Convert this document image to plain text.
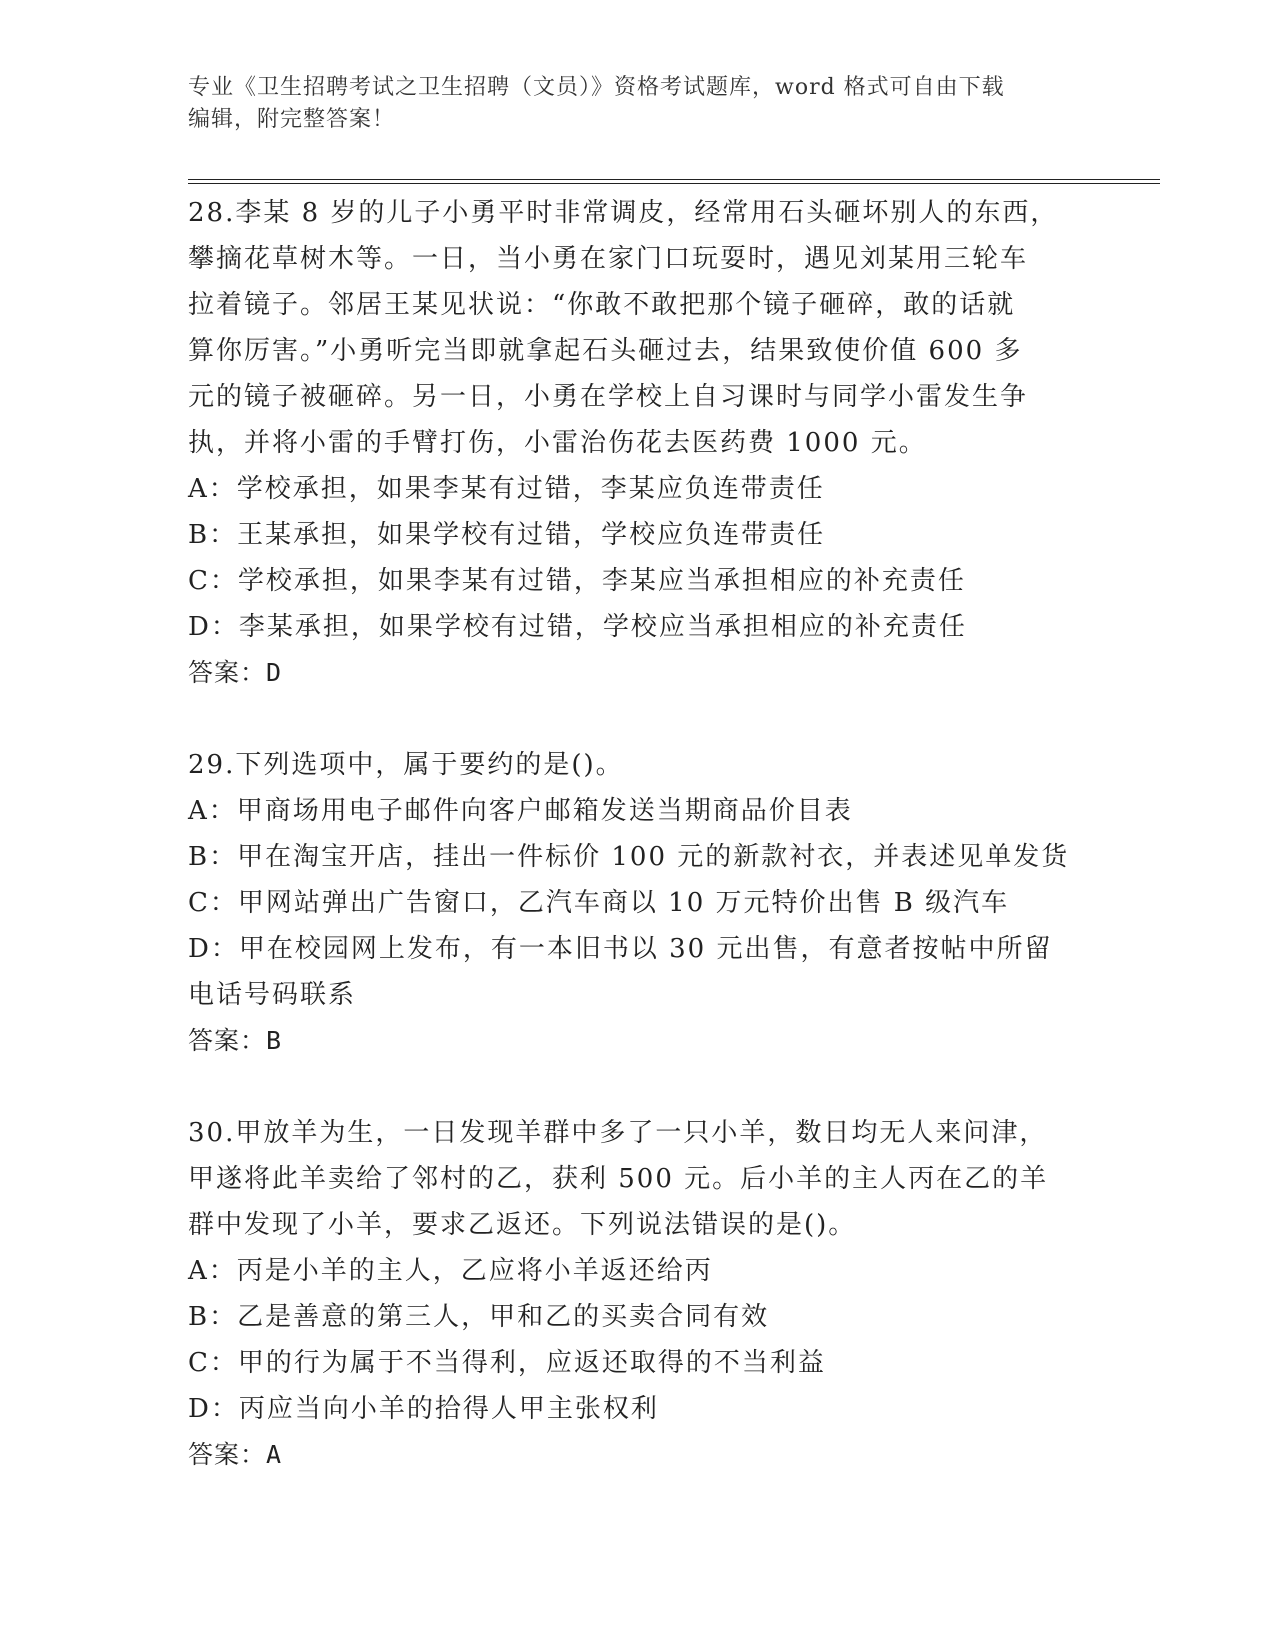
专业《卫生招聘考试之卫生招聘（文员）》资格考试题库，word 格式可自由下载
编辑，附完整答案！

28.李某 8 岁的儿子小勇平时非常调皮，经常用石头砸坏别人的东西，

攀摘花草树木等。一日，当小勇在家门口玩耍时，遇见刘某用三轮车

拉着镜子。邻居王某见状说：“你敢不敢把那个镜子砸碎，敢的话就

算你厉害。”小勇听完当即就拿起石头砸过去，结果致使价值 600 多

元的镜子被砸碎。另一日，小勇在学校上自习课时与同学小雷发生争

执，并将小雷的手臂打伤，小雷治伤花去医药费 1000 元。

A：学校承担，如果李某有过错，李某应负连带责任

B：王某承担，如果学校有过错，学校应负连带责任

C：学校承担，如果李某有过错，李某应当承担相应的补充责任

D：李某承担，如果学校有过错，学校应当承担相应的补充责任

答案：D

29.下列选项中，属于要约的是()。

A：甲商场用电子邮件向客户邮箱发送当期商品价目表

B：甲在淘宝开店，挂出一件标价 100 元的新款衬衣，并表述见单发货

C：甲网站弹出广告窗口，乙汽车商以 10 万元特价出售 B 级汽车

D：甲在校园网上发布，有一本旧书以 30 元出售，有意者按帖中所留

电话号码联系

答案：B

30.甲放羊为生，一日发现羊群中多了一只小羊，数日均无人来问津，

甲遂将此羊卖给了邻村的乙，获利 500 元。后小羊的主人丙在乙的羊

群中发现了小羊，要求乙返还。下列说法错误的是()。

A：丙是小羊的主人，乙应将小羊返还给丙

B：乙是善意的第三人，甲和乙的买卖合同有效

C：甲的行为属于不当得利，应返还取得的不当利益

D：丙应当向小羊的拾得人甲主张权利

答案：A
